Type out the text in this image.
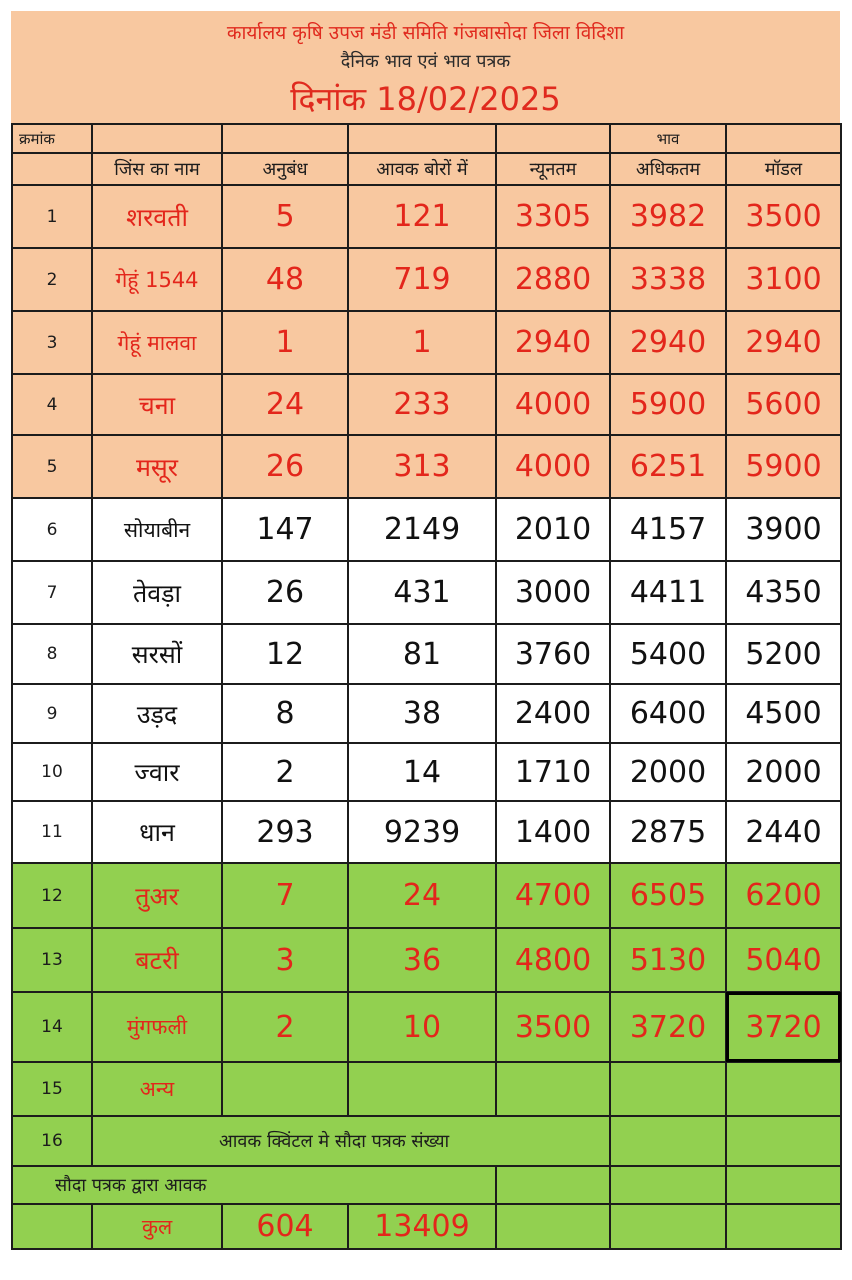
कार्यालय कृषि उपज मंडी समिति गंजबासोदा जिला विदिशा
दैनिक भाव एवं भाव पत्रक
दिनांक 18/02/2025
क्रमांक					भाव	
	जिंस का नाम	अनुबंध	आवक बोरों में	न्यूनतम	अधिकतम	मॉडल
1	शरवती	5	121	3305	3982	3500
2	गेहूं 1544	48	719	2880	3338	3100
3	गेहूं मालवा	1	1	2940	2940	2940
4	चना	24	233	4000	5900	5600
5	मसूर	26	313	4000	6251	5900
6	सोयाबीन	147	2149	2010	4157	3900
7	तेवड़ा	26	431	3000	4411	4350
8	सरसों	12	81	3760	5400	5200
9	उड़द	8	38	2400	6400	4500
10	ज्वार	2	14	1710	2000	2000
11	धान	293	9239	1400	2875	2440
12	तुअर	7	24	4700	6505	6200
13	बटरी	3	36	4800	5130	5040
14	मुंगफली	2	10	3500	3720	3720
15	अन्य					
16	आवक क्विंटल मे सौदा पत्रक संख्या					
सौदा पत्रक द्वारा आवक						
	कुल	604	13409			
